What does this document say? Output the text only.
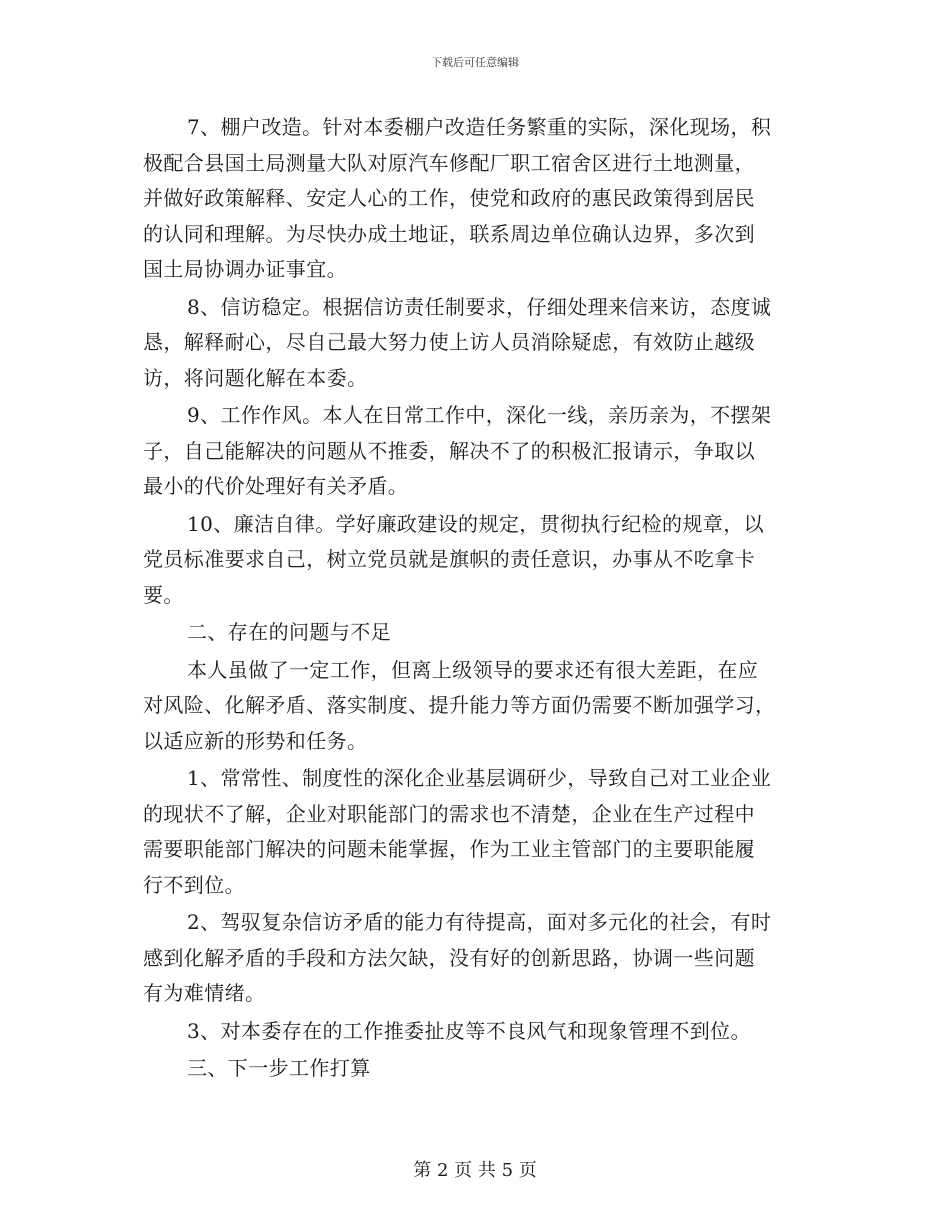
下载后可任意编辑
7、棚户改造。针对本委棚户改造任务繁重的实际，深化现场，积
极配合县国土局测量大队对原汽车修配厂职工宿舍区进行土地测量，
并做好政策解释、安定人心的工作，使党和政府的惠民政策得到居民
的认同和理解。为尽快办成土地证，联系周边单位确认边界，多次到
国土局协调办证事宜。
8、信访稳定。根据信访责任制要求，仔细处理来信来访，态度诚
恳，解释耐心，尽自己最大努力使上访人员消除疑虑，有效防止越级
访，将问题化解在本委。
9、工作作风。本人在日常工作中，深化一线，亲历亲为，不摆架
子，自己能解决的问题从不推委，解决不了的积极汇报请示，争取以
最小的代价处理好有关矛盾。
10、廉洁自律。学好廉政建设的规定，贯彻执行纪检的规章，以
党员标准要求自己，树立党员就是旗帜的责任意识，办事从不吃拿卡
要。
二、存在的问题与不足
本人虽做了一定工作，但离上级领导的要求还有很大差距，在应
对风险、化解矛盾、落实制度、提升能力等方面仍需要不断加强学习，
以适应新的形势和任务。
1、常常性、制度性的深化企业基层调研少，导致自己对工业企业
的现状不了解，企业对职能部门的需求也不清楚，企业在生产过程中
需要职能部门解决的问题未能掌握，作为工业主管部门的主要职能履
行不到位。
2、驾驭复杂信访矛盾的能力有待提高，面对多元化的社会，有时
感到化解矛盾的手段和方法欠缺，没有好的创新思路，协调一些问题
有为难情绪。
3、对本委存在的工作推委扯皮等不良风气和现象管理不到位。
三、下一步工作打算
第 2 页 共 5 页
